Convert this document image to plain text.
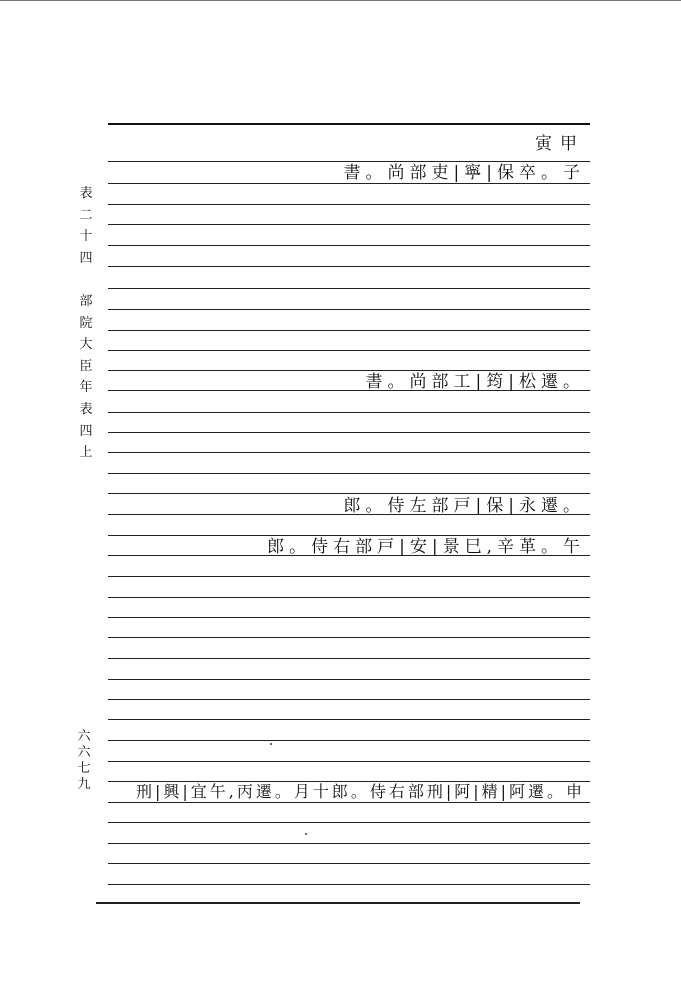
表
二
十
四

部
院
大
臣
年
表
四
上
六
六
七
九
寅甲
書。尚部吏|寧|保卒。子
書。尚部工|筠|松遷。
郎。侍左部戸|保|永遷。
郎。侍右部戸|安|景巳,辛革。午
刑|興|宜午,丙遷。月十郎。侍右部刑|阿|精|阿遷。申
